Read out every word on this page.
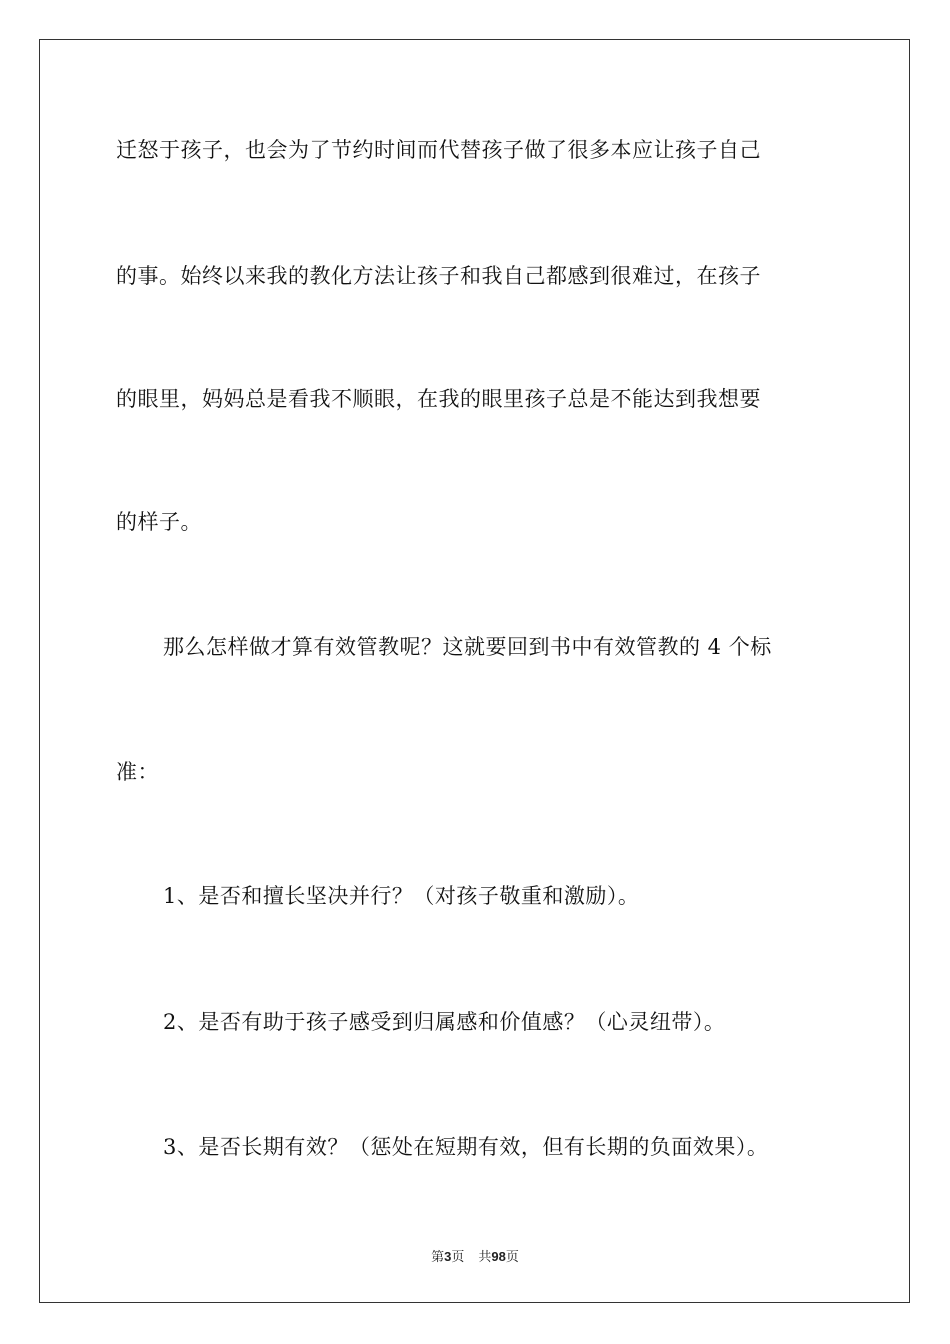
迁怒于孩子，也会为了节约时间而代替孩子做了很多本应让孩子自己
的事。始终以来我的教化方法让孩子和我自己都感到很难过，在孩子
的眼里，妈妈总是看我不顺眼，在我的眼里孩子总是不能达到我想要
的样子。
那么怎样做才算有效管教呢？这就要回到书中有效管教的 4 个标
准：
1、是否和擅长坚决并行？（对孩子敬重和激励）。
2、是否有助于孩子感受到归属感和价值感？（心灵纽带）。
3、是否长期有效？（惩处在短期有效，但有长期的负面效果）。
第3页 共98页
